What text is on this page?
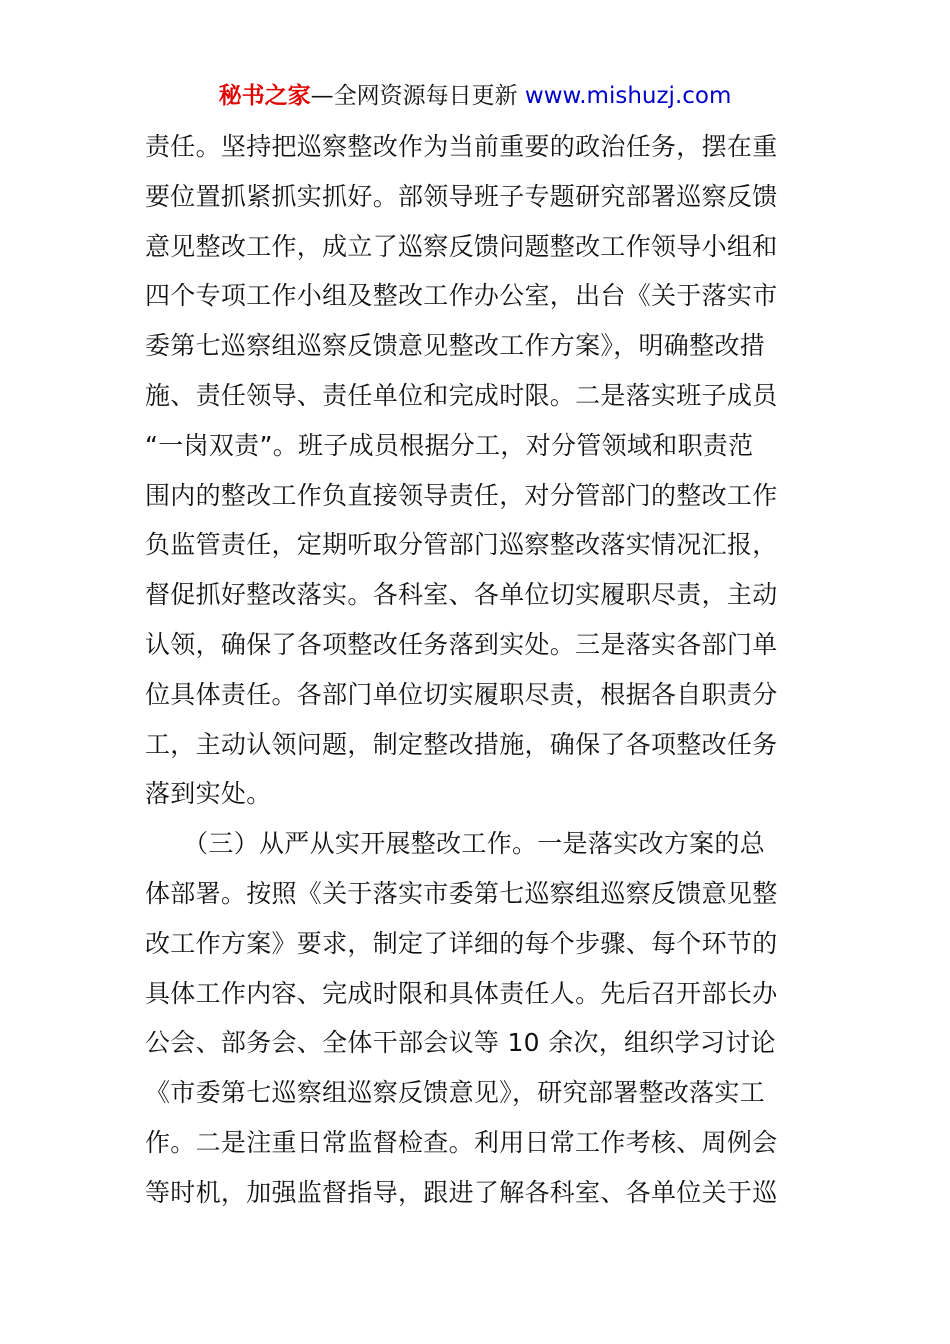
秘书之家—全网资源每日更新 www.mishuzj.com
责任。坚持把巡察整改作为当前重要的政治任务，摆在重
要位置抓紧抓实抓好。部领导班子专题研究部署巡察反馈
意见整改工作，成立了巡察反馈问题整改工作领导小组和
四个专项工作小组及整改工作办公室，出台《关于落实市
委第七巡察组巡察反馈意见整改工作方案》，明确整改措
施、责任领导、责任单位和完成时限。二是落实班子成员
“一岗双责”。班子成员根据分工，对分管领域和职责范
围内的整改工作负直接领导责任，对分管部门的整改工作
负监管责任，定期听取分管部门巡察整改落实情况汇报，
督促抓好整改落实。各科室、各单位切实履职尽责，主动
认领，确保了各项整改任务落到实处。三是落实各部门单
位具体责任。各部门单位切实履职尽责，根据各自职责分
工，主动认领问题，制定整改措施，确保了各项整改任务
落到实处。
　　（三）从严从实开展整改工作。一是落实改方案的总
体部署。按照《关于落实市委第七巡察组巡察反馈意见整
改工作方案》要求，制定了详细的每个步骤、每个环节的
具体工作内容、完成时限和具体责任人。先后召开部长办
公会、部务会、全体干部会议等 10 余次，组织学习讨论
《市委第七巡察组巡察反馈意见》，研究部署整改落实工
作。二是注重日常监督检查。利用日常工作考核、周例会
等时机，加强监督指导，跟进了解各科室、各单位关于巡
